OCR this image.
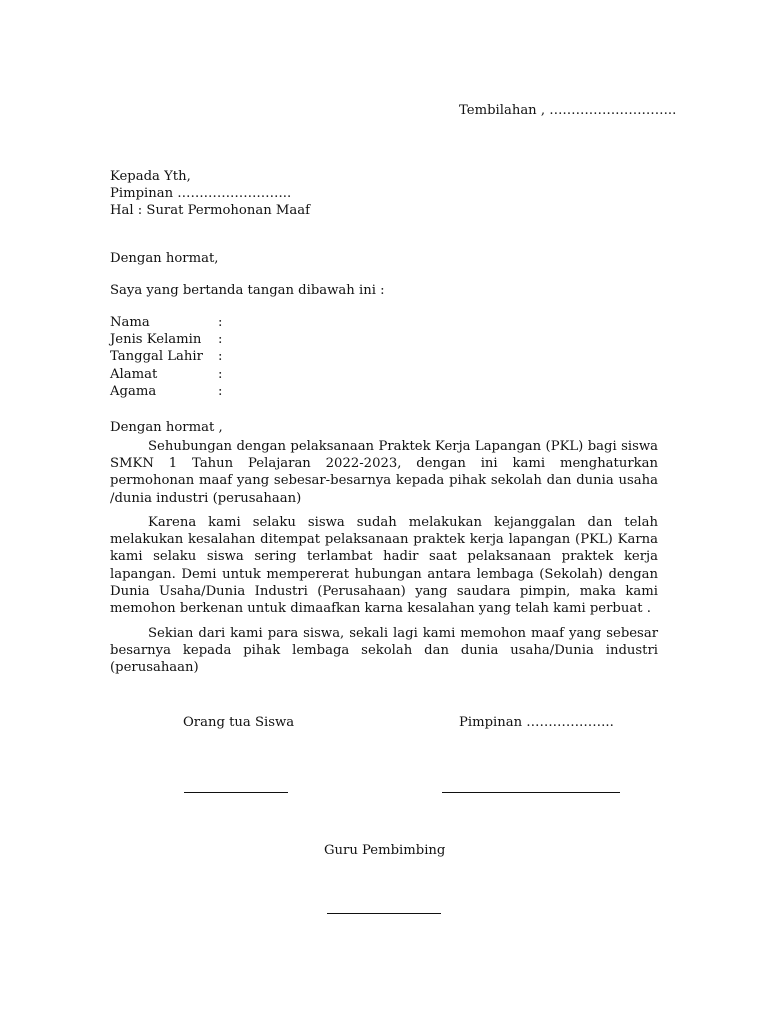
Tembilahan , ………………………..
Kepada Yth,
Pimpinan ……………………..
Hal : Surat Permohonan Maaf
Dengan hormat,
Saya yang bertanda tangan dibawah ini :
Nama	:
Jenis Kelamin :
Tanggal Lahir :
Alamat	:
Agama	:
Dengan hormat ,

Sehubungan dengan pelaksanaan Praktek Kerja Lapangan (PKL) bagi siswa SMKN 1 Tahun Pelajaran 2022-2023, dengan ini kami menghaturkan permohonan maaf yang sebesar-besarnya kepada pihak sekolah dan dunia usaha /dunia industri (perusahaan)

Karena kami selaku siswa sudah melakukan kejanggalan dan telah melakukan kesalahan ditempat pelaksanaan praktek kerja lapangan (PKL) Karna kami selaku siswa sering terlambat hadir saat pelaksanaan praktek kerja lapangan. Demi untuk mempererat hubungan antara lembaga (Sekolah) dengan Dunia Usaha/Dunia Industri (Perusahaan) yang saudara pimpin, maka kami memohon berkenan untuk dimaafkan karna kesalahan yang telah kami perbuat .

Sekian dari kami para siswa, sekali lagi kami memohon maaf yang sebesar besarnya kepada pihak lembaga sekolah dan dunia usaha/Dunia industri (perusahaan)

Orang tua Siswa	Pimpinan ………………..
Guru Pembimbing
